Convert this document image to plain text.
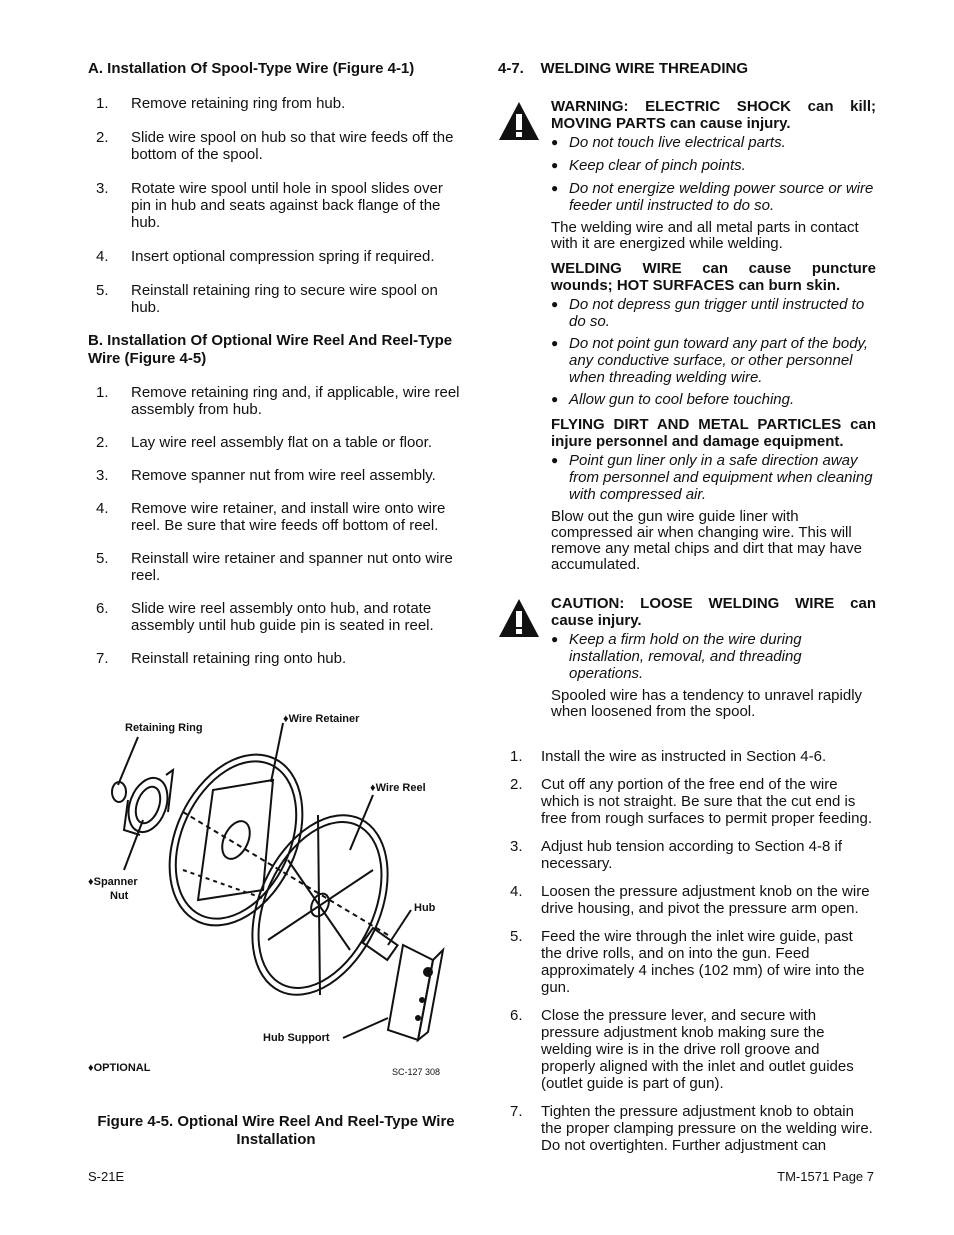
A. Installation Of Spool-Type Wire (Figure 4-1)

1.	Remove retaining ring from hub.
2.	Slide wire spool on hub so that wire feeds off the bottom of the spool.
3.	Rotate wire spool until hole in spool slides over pin in hub and seats against back flange of the hub.
4.	Insert optional compression spring if required.
5.	Reinstall retaining ring to secure wire spool on hub.

B. Installation Of Optional Wire Reel And Reel-Type Wire (Figure 4-5)

1.	Remove retaining ring and, if applicable, wire reel assembly from hub.
2.	Lay wire reel assembly flat on a table or floor.
3.	Remove spanner nut from wire reel assembly.
4.	Remove wire retainer, and install wire onto wire reel. Be sure that wire feeds off bottom of reel.
5.	Reinstall wire retainer and spanner nut onto wire reel.
6.	Slide wire reel assembly onto hub, and rotate assembly until hub guide pin is seated in reel.
7.	Reinstall retaining ring onto hub.
Retaining Ring
♦Wire Retainer
♦Wire Reel
♦Spanner
Nut
Hub
Hub Support
♦OPTIONAL	SC-127 308
Figure 4-5. Optional Wire Reel And Reel-Type Wire Installation

4-7.    WELDING WIRE THREADING

WARNING: ELECTRIC SHOCK can kill; MOVING PARTS can cause injury.
● Do not touch live electrical parts.
● Keep clear of pinch points.
● Do not energize welding power source or wire feeder until instructed to do so.
The welding wire and all metal parts in contact with it are energized while welding.
WELDING WIRE can cause puncture wounds; HOT SURFACES can burn skin.
● Do not depress gun trigger until instructed to do so.
● Do not point gun toward any part of the body, any conductive surface, or other personnel when threading welding wire.
● Allow gun to cool before touching.
FLYING DIRT AND METAL PARTICLES can injure personnel and damage equipment.
● Point gun liner only in a safe direction away from personnel and equipment when cleaning with compressed air.
Blow out the gun wire guide liner with compressed air when changing wire. This will remove any metal chips and dirt that may have accumulated.
CAUTION: LOOSE WELDING WIRE can cause injury.
● Keep a firm hold on the wire during installation, removal, and threading operations.
Spooled wire has a tendency to unravel rapidly when loosened from the spool.
1.	Install the wire as instructed in Section 4-6.
2.	Cut off any portion of the free end of the wire which is not straight. Be sure that the cut end is free from rough surfaces to permit proper feeding.
3.	Adjust hub tension according to Section 4-8 if necessary.
4.	Loosen the pressure adjustment knob on the wire drive housing, and pivot the pressure arm open.
5.	Feed the wire through the inlet wire guide, past the drive rolls, and on into the gun. Feed approximately 4 inches (102 mm) of wire into the gun.
6.	Close the pressure lever, and secure with pressure adjustment knob making sure the welding wire is in the drive roll groove and properly aligned with the inlet and outlet guides (outlet guide is part of gun).
7.	Tighten the pressure adjustment knob to obtain the proper clamping pressure on the welding wire. Do not overtighten. Further adjustment can
S-21E	TM-1571 Page 7
